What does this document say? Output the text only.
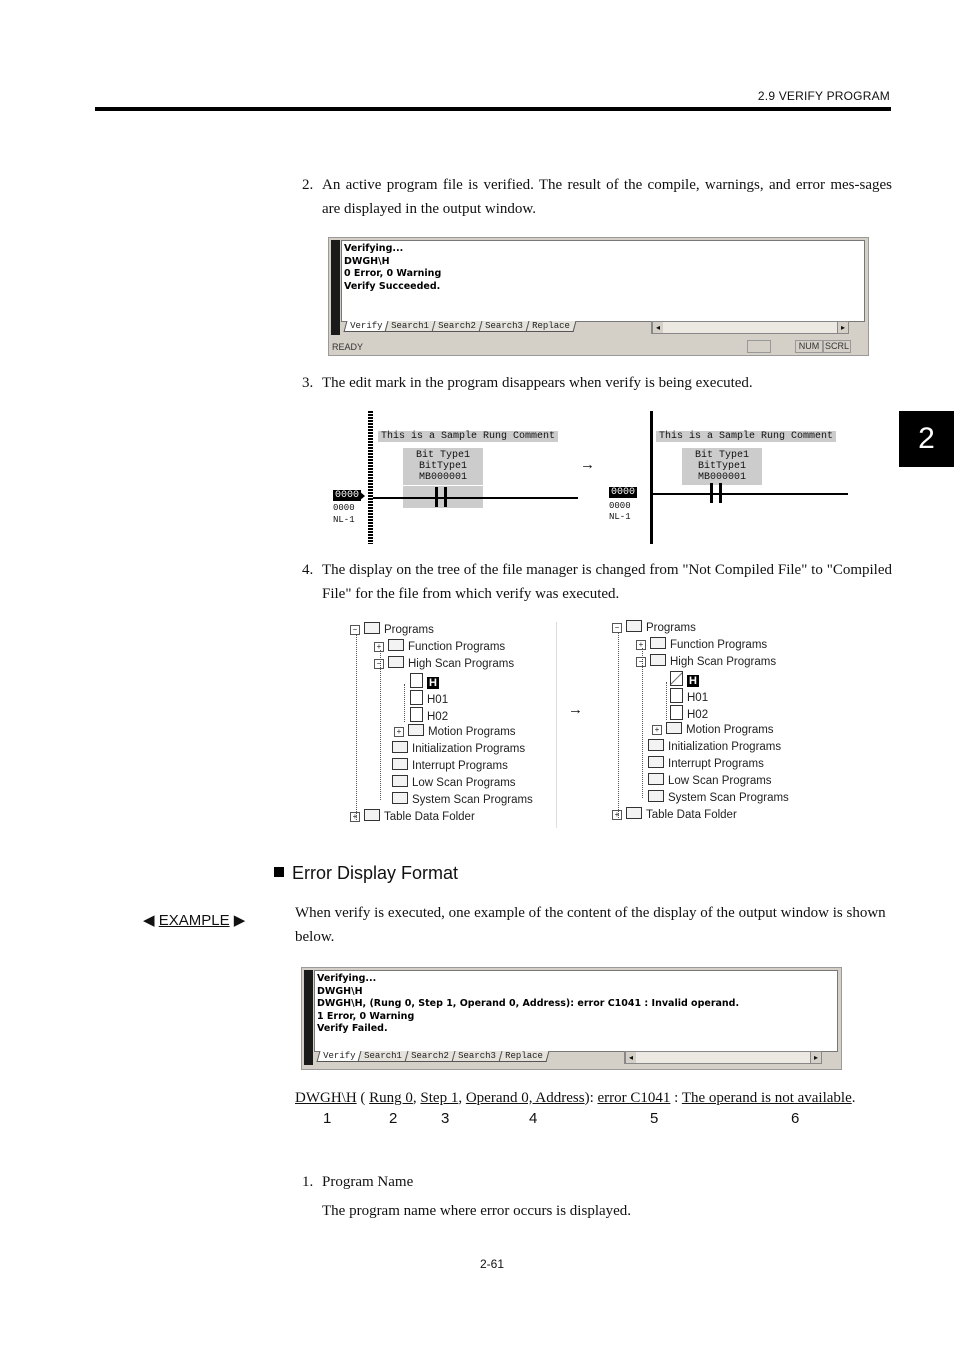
2.9 VERIFY PROGRAM
2
2. An active program file is verified. The result of the compile, warnings, and error mes-sages are displayed in the output window.
Verifying...
DWGH\H
0 Error, 0 Warning
Verify Succeeded.
Verify	Search1	Search2	Search3	Replace	◂	▸
READY	NUM SCRL
3. The edit mark in the program disappears when verify is being executed.
This is a Sample Rung Comment
Bit Type1
BitType1
MB000001
0000
0000
NL-1
→
This is a Sample Rung Comment
Bit Type1
BitType1
MB000001
0000
0000
NL-1
4. The display on the tree of the file manager is changed from "Not Compiled File" to "Compiled File" for the file from which verify was executed.
− Programs
+ Function Programs
− High Scan Programs
H
H01
H02
+ Motion Programs
Initialization Programs
Interrupt Programs
Low Scan Programs
System Scan Programs
+ Table Data Folder
→
− Programs
+ Function Programs
− High Scan Programs
H
H01
H02
+ Motion Programs
Initialization Programs
Interrupt Programs
Low Scan Programs
System Scan Programs
+ Table Data Folder
Error Display Format
◀ EXAMPLE ▶	When verify is executed, one example of the content of the display of the output window is shown below.
Verifying...
DWGH\H
DWGH\H, (Rung 0, Step 1, Operand 0, Address): error C1041 : Invalid operand.
1 Error, 0 Warning
Verify Failed.
Verify	Search1	Search2	Search3	Replace	◂	▸
DWGH\H ( Rung 0, Step 1, Operand 0, Address): error C1041 : The operand is not available.
1	2	3	4	5	6
1. Program Name
The program name where error occurs is displayed.
2-61
